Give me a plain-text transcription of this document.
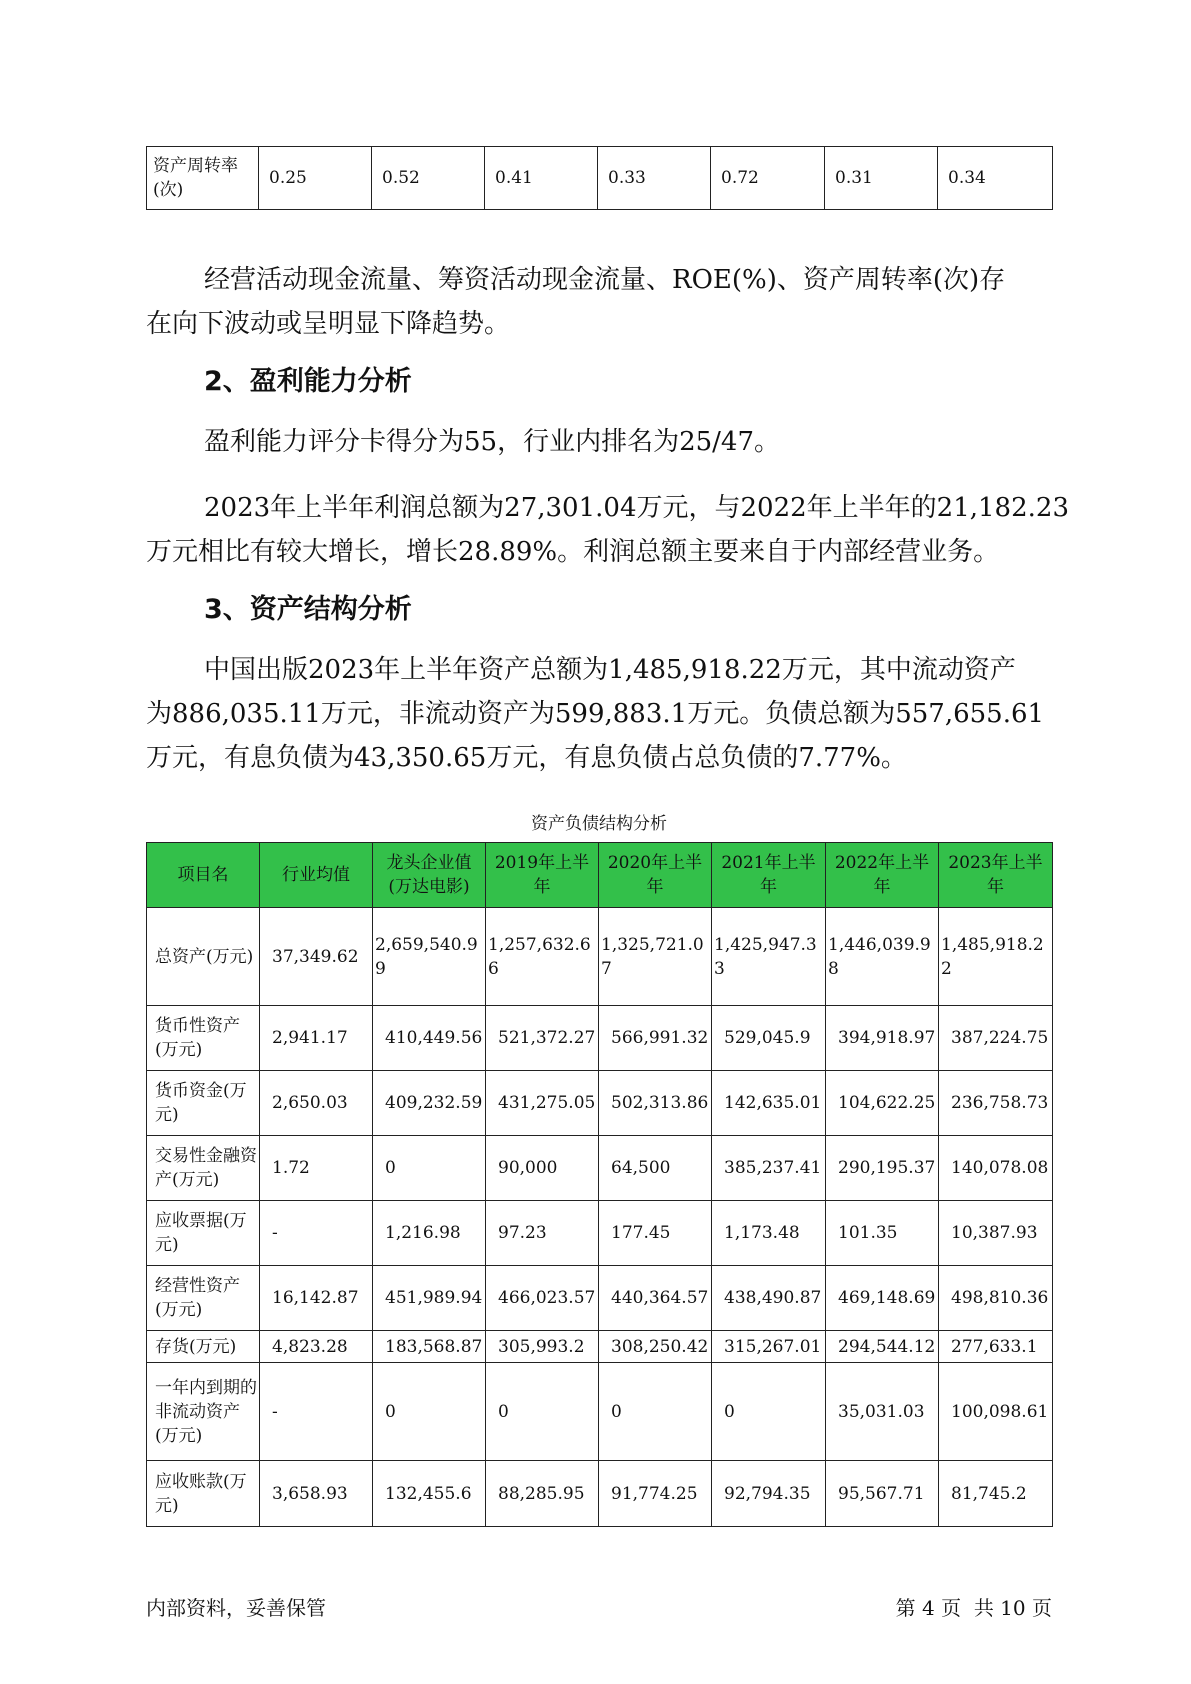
资产周转率(次)	0.25	0.52	0.41	0.33	0.72	0.31	0.34
经营活动现金流量、筹资活动现金流量、ROE(%)、资产周转率(次)存
在向下波动或呈明显下降趋势。
2、盈利能力分析
盈利能力评分卡得分为55，行业内排名为25/47。
2023年上半年利润总额为27,301.04万元，与2022年上半年的21,182.23
万元相比有较大增长，增长28.89%。利润总额主要来自于内部经营业务。
3、资产结构分析
中国出版2023年上半年资产总额为1,485,918.22万元，其中流动资产
为886,035.11万元，非流动资产为599,883.1万元。负债总额为557,655.61
万元，有息负债为43,350.65万元，有息负债占总负债的7.77%。
资产负债结构分析
项目名	行业均值	龙头企业值(万达电影)	2019年上半年	2020年上半年	2021年上半年	2022年上半年	2023年上半年
总资产(万元)	37,349.62	2,659,540.99	1,257,632.66	1,325,721.07	1,425,947.33	1,446,039.98	1,485,918.22
货币性资产(万元)	2,941.17	410,449.56	521,372.27	566,991.32	529,045.9	394,918.97	387,224.75
货币资金(万元)	2,650.03	409,232.59	431,275.05	502,313.86	142,635.01	104,622.25	236,758.73
交易性金融资产(万元)	1.72	0	90,000	64,500	385,237.41	290,195.37	140,078.08
应收票据(万元)	-	1,216.98	97.23	177.45	1,173.48	101.35	10,387.93
经营性资产(万元)	16,142.87	451,989.94	466,023.57	440,364.57	438,490.87	469,148.69	498,810.36
存货(万元)	4,823.28	183,568.87	305,993.2	308,250.42	315,267.01	294,544.12	277,633.1
一年内到期的非流动资产(万元)	-	0	0	0	0	35,031.03	100,098.61
应收账款(万元)	3,658.93	132,455.6	88,285.95	91,774.25	92,794.35	95,567.71	81,745.2
内部资料，妥善保管	第 4 页  共 10 页
